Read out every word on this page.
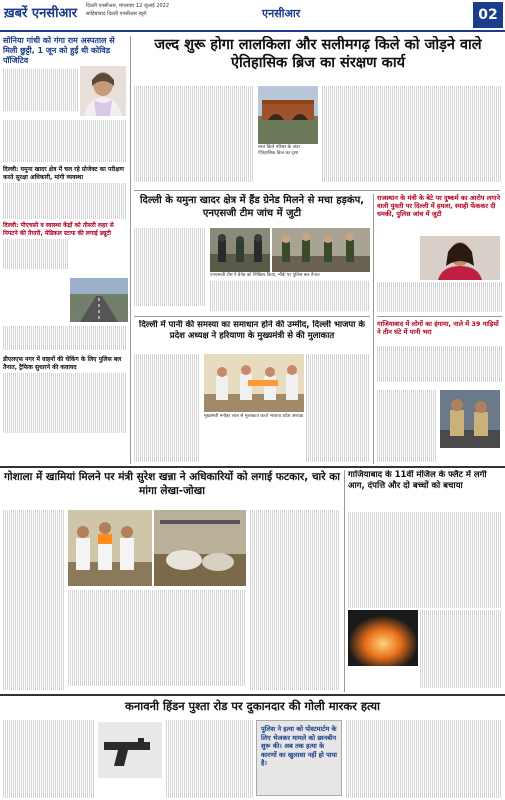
ख़बरें एनसीआर दिल्ली एनसीआर, मंगलवार 12 जुलाई 2022
साहिबाबाद दिल्ली एनसीआर ब्यूरो	एनसीआर	02
सोनिया गांधी को गंगा राम अस्पताल से मिली छुट्टी, 1 जून को हुईं थी कोविड पॉजिटिव
दिल्ली: यमुना खादर क्षेत्र में चल रहे प्रोजेक्ट का परीक्षण करते सुरक्षा अधिकारी, मांगी व्यवस्था
दिल्ली: पीएचसी व स्वास्थ्य केंद्रों को तीसरी लहर से निपटने की तैयारी, मेडिकल स्टाफ की लगाई ड्यूटी
डीएलएफ नगर में वाहनों की चेकिंग के लिए पुलिस बल तैनात, ट्रैफिक सुधारने की कवायद
जल्द शुरू होगा लालकिला और सलीमगढ़ किले को जोड़ने वाले ऐतिहासिक ब्रिज का संरक्षण कार्य
लाल किले परिसर के अंदर ऐतिहासिक ब्रिज का दृश्य
दिल्ली के यमुना खादर क्षेत्र में हैंड ग्रेनेड मिलने से मचा हड़कंप, एनएसजी टीम जांच में जुटी
एनएसजी टीम ने ग्रेनेड को निष्क्रिय किया, मौके पर पुलिस बल तैनात
राजस्थान के मंत्री के बेटे पर दुष्कर्म का आरोप लगाने वाली युवती पर दिल्ली में हमला, स्याही फेंककर दी धमकी, पुलिस जांच में जुटी
दिल्ली में पानी की समस्या का समाधान होने की उम्मीद, दिल्ली भाजपा के प्रदेश अध्यक्ष ने हरियाणा के मुख्यमंत्री से की मुलाकात
मुख्यमंत्री मनोहर लाल से मुलाकात करते भाजपा प्रदेश अध्यक्ष
गाजियाबाद में लोगों का हंगामा, नाले में 39 गाड़ियों ने तीन घंटे में पानी भरा
गोशाला में खामियां मिलने पर मंत्री सुरेश खन्ना ने अधिकारियों को लगाई फटकार, चारे का मांगा लेखा-जोखा
गाजियाबाद के 11वीं मंजिल के फ्लैट में लगी आग, दंपत्ति और दो बच्चों को बचाया
कनावनी हिंडन पुश्ता रोड पर दुकानदार की गोली मारकर हत्या
पुलिस ने हत्या को पोस्टमार्टम के लिए भेजकर मामले को छानबीन शुरू की। अब तक हत्या के कारणों का खुलासा नहीं हो पाया है।
